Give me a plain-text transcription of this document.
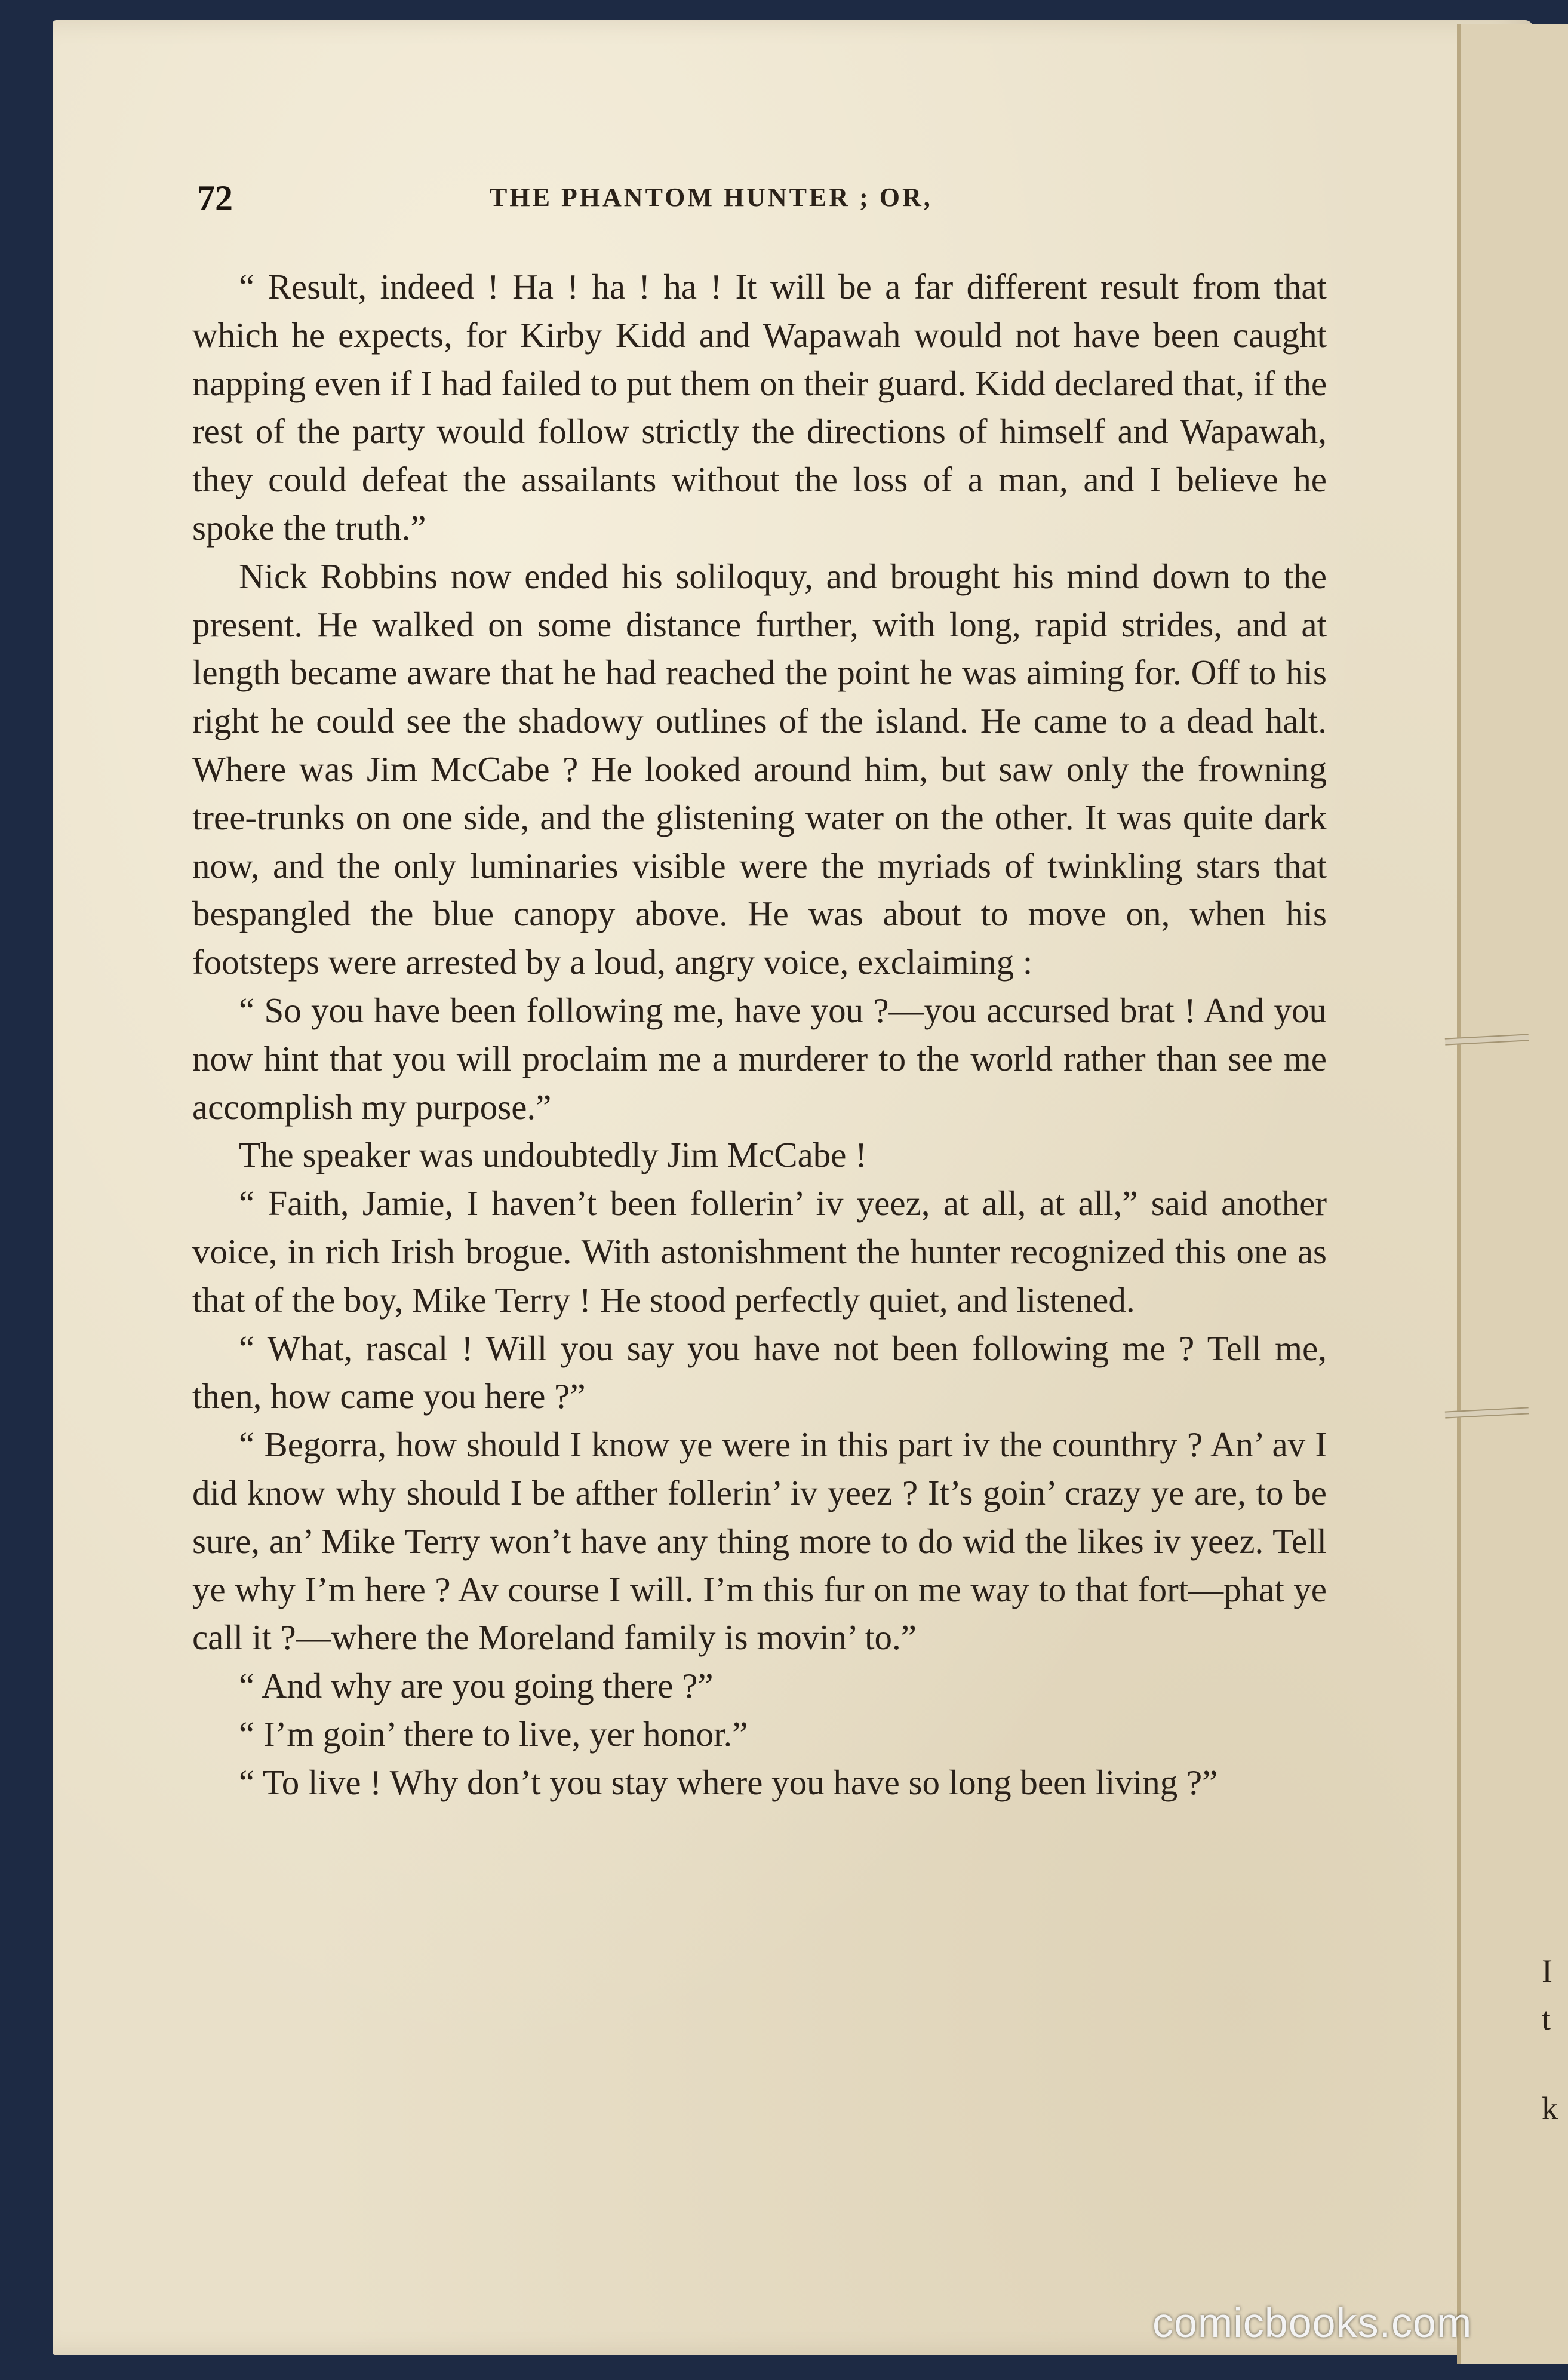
72	THE PHANTOM HUNTER ; OR,

“ Result, indeed ! Ha ! ha ! ha ! It will be a far different result from that which he expects, for Kirby Kidd and Wapawah would not have been caught napping even if I had failed to put them on their guard. Kidd declared that, if the rest of the party would follow strictly the directions of himself and Wapawah, they could defeat the assailants without the loss of a man, and I believe he spoke the truth.”

Nick Robbins now ended his soliloquy, and brought his mind down to the present. He walked on some distance further, with long, rapid strides, and at length became aware that he had reached the point he was aiming for. Off to his right he could see the shadowy outlines of the island. He came to a dead halt. Where was Jim McCabe ? He looked around him, but saw only the frowning tree-trunks on one side, and the glistening water on the other. It was quite dark now, and the only luminaries visible were the myriads of twinkling stars that bespangled the blue canopy above. He was about to move on, when his footsteps were arrested by a loud, angry voice, exclaiming :

“ So you have been following me, have you ?—you accursed brat ! And you now hint that you will proclaim me a murderer to the world rather than see me accomplish my purpose.”

The speaker was undoubtedly Jim McCabe !

“ Faith, Jamie, I haven’t been follerin’ iv yeez, at all, at all,” said another voice, in rich Irish brogue. With astonishment the hunter recognized this one as that of the boy, Mike Terry ! He stood perfectly quiet, and listened.

“ What, rascal ! Will you say you have not been following me ? Tell me, then, how came you here ?”

“ Begorra, how should I know ye were in this part iv the counthry ? An’ av I did know why should I be afther follerin’ iv yeez ? It’s goin’ crazy ye are, to be sure, an’ Mike Terry won’t have any thing more to do wid the likes iv yeez. Tell ye why I’m here ? Av course I will. I’m this fur on me way to that fort—phat ye call it ?—where the Moreland family is movin’ to.”

“ And why are you going there ?”

“ I’m goin’ there to live, yer honor.”

“ To live ! Why don’t you stay where you have so long been living ?”

I
t
k
comicbooks.com
